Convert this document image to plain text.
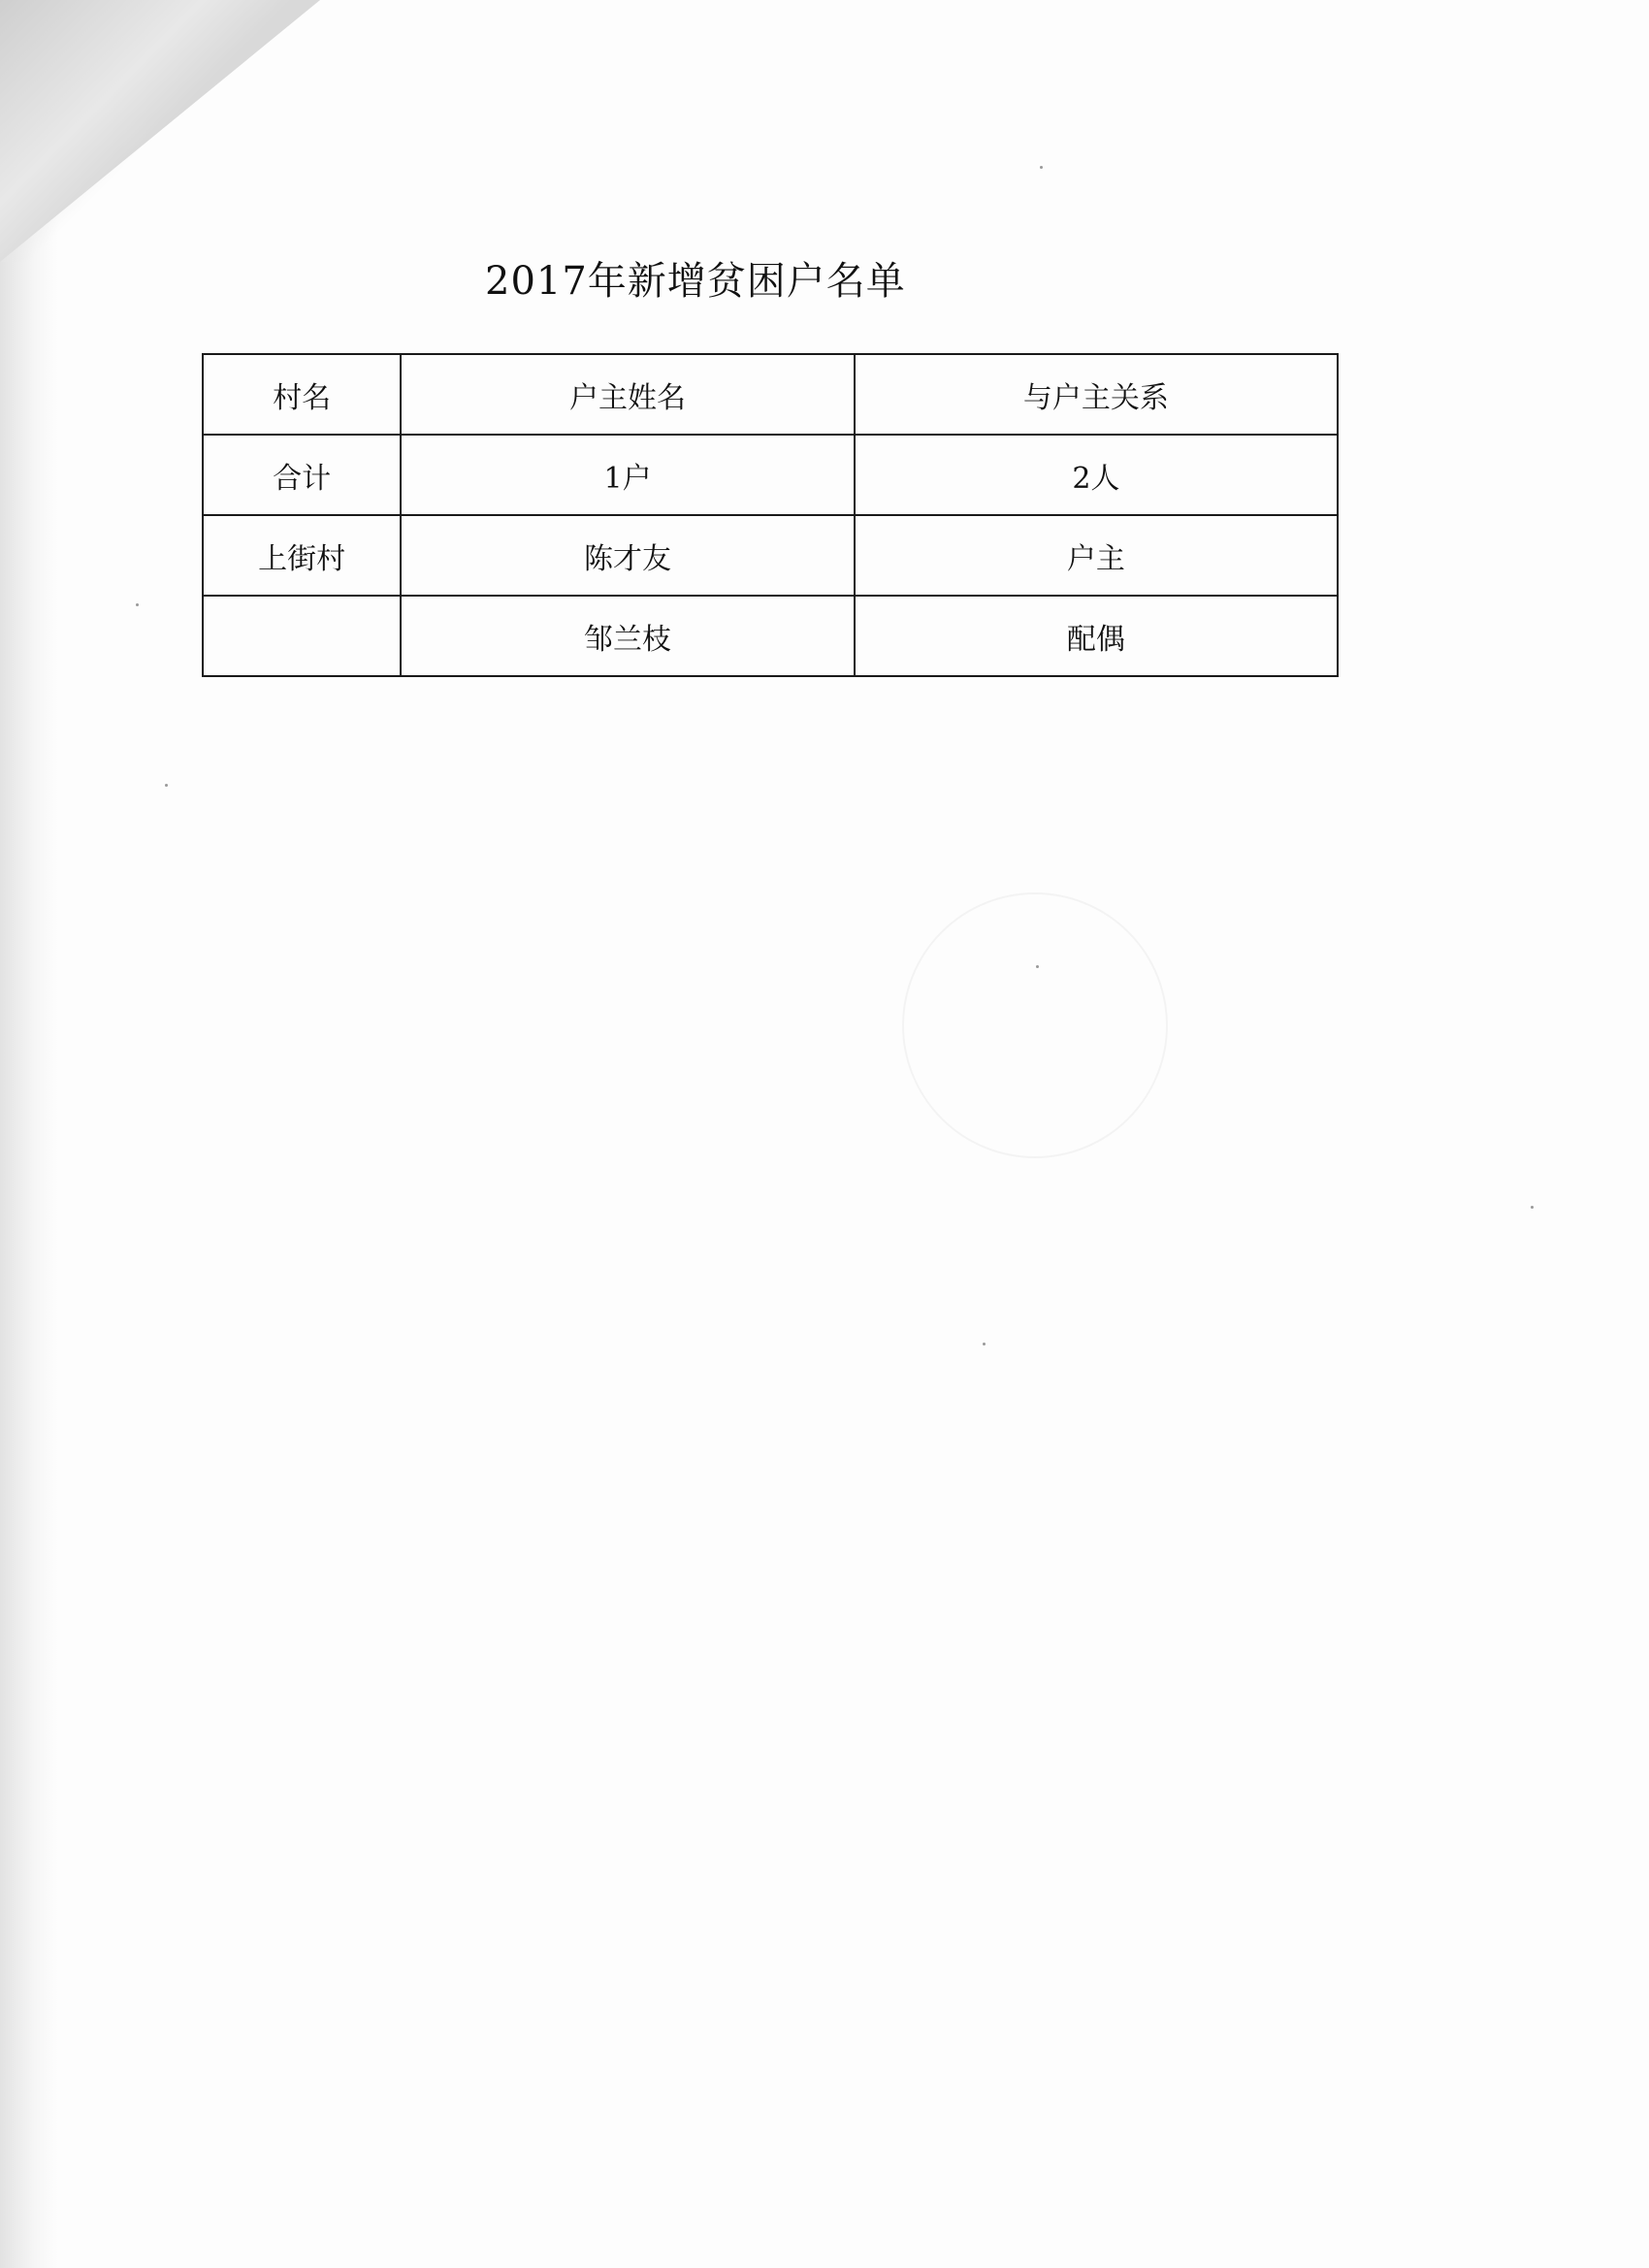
2017年新增贫困户名单
村名	户主姓名	与户主关系
合计	1户	2人
上街村	陈才友	户主
	邹兰枝	配偶
